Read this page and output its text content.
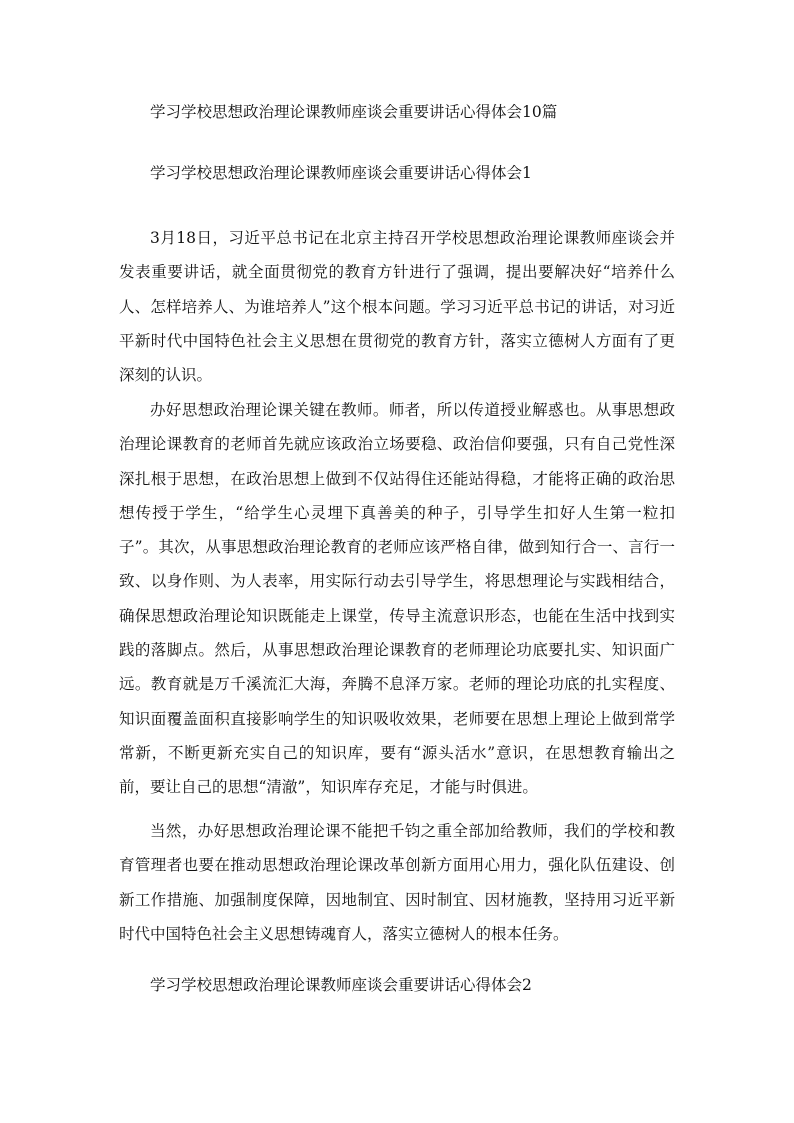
学习学校思想政治理论课教师座谈会重要讲话心得体会10篇
学习学校思想政治理论课教师座谈会重要讲话心得体会1

3月18日，习近平总书记在北京主持召开学校思想政治理论课教师座谈会并发表重要讲话，就全面贯彻党的教育方针进行了强调，提出要解决好“培养什么人、怎样培养人、为谁培养人”这个根本问题。学习习近平总书记的讲话，对习近平新时代中国特色社会主义思想在贯彻党的教育方针，落实立德树人方面有了更深刻的认识。

办好思想政治理论课关键在教师。师者，所以传道授业解惑也。从事思想政治理论课教育的老师首先就应该政治立场要稳、政治信仰要强，只有自己党性深深扎根于思想，在政治思想上做到不仅站得住还能站得稳，才能将正确的政治思想传授于学生，“给学生心灵埋下真善美的种子，引导学生扣好人生第一粒扣子”。其次，从事思想政治理论教育的老师应该严格自律，做到知行合一、言行一致、以身作则、为人表率，用实际行动去引导学生，将思想理论与实践相结合，确保思想政治理论知识既能走上课堂，传导主流意识形态，也能在生活中找到实践的落脚点。然后，从事思想政治理论课教育的老师理论功底要扎实、知识面广远。教育就是万千溪流汇大海，奔腾不息泽万家。老师的理论功底的扎实程度、知识面覆盖面积直接影响学生的知识吸收效果，老师要在思想上理论上做到常学常新，不断更新充实自己的知识库，要有“源头活水”意识，在思想教育输出之前，要让自己的思想“清澈”，知识库存充足，才能与时俱进。

当然，办好思想政治理论课不能把千钧之重全部加给教师，我们的学校和教育管理者也要在推动思想政治理论课改革创新方面用心用力，强化队伍建设、创新工作措施、加强制度保障，因地制宜、因时制宜、因材施教，坚持用习近平新时代中国特色社会主义思想铸魂育人，落实立德树人的根本任务。

学习学校思想政治理论课教师座谈会重要讲话心得体会2
